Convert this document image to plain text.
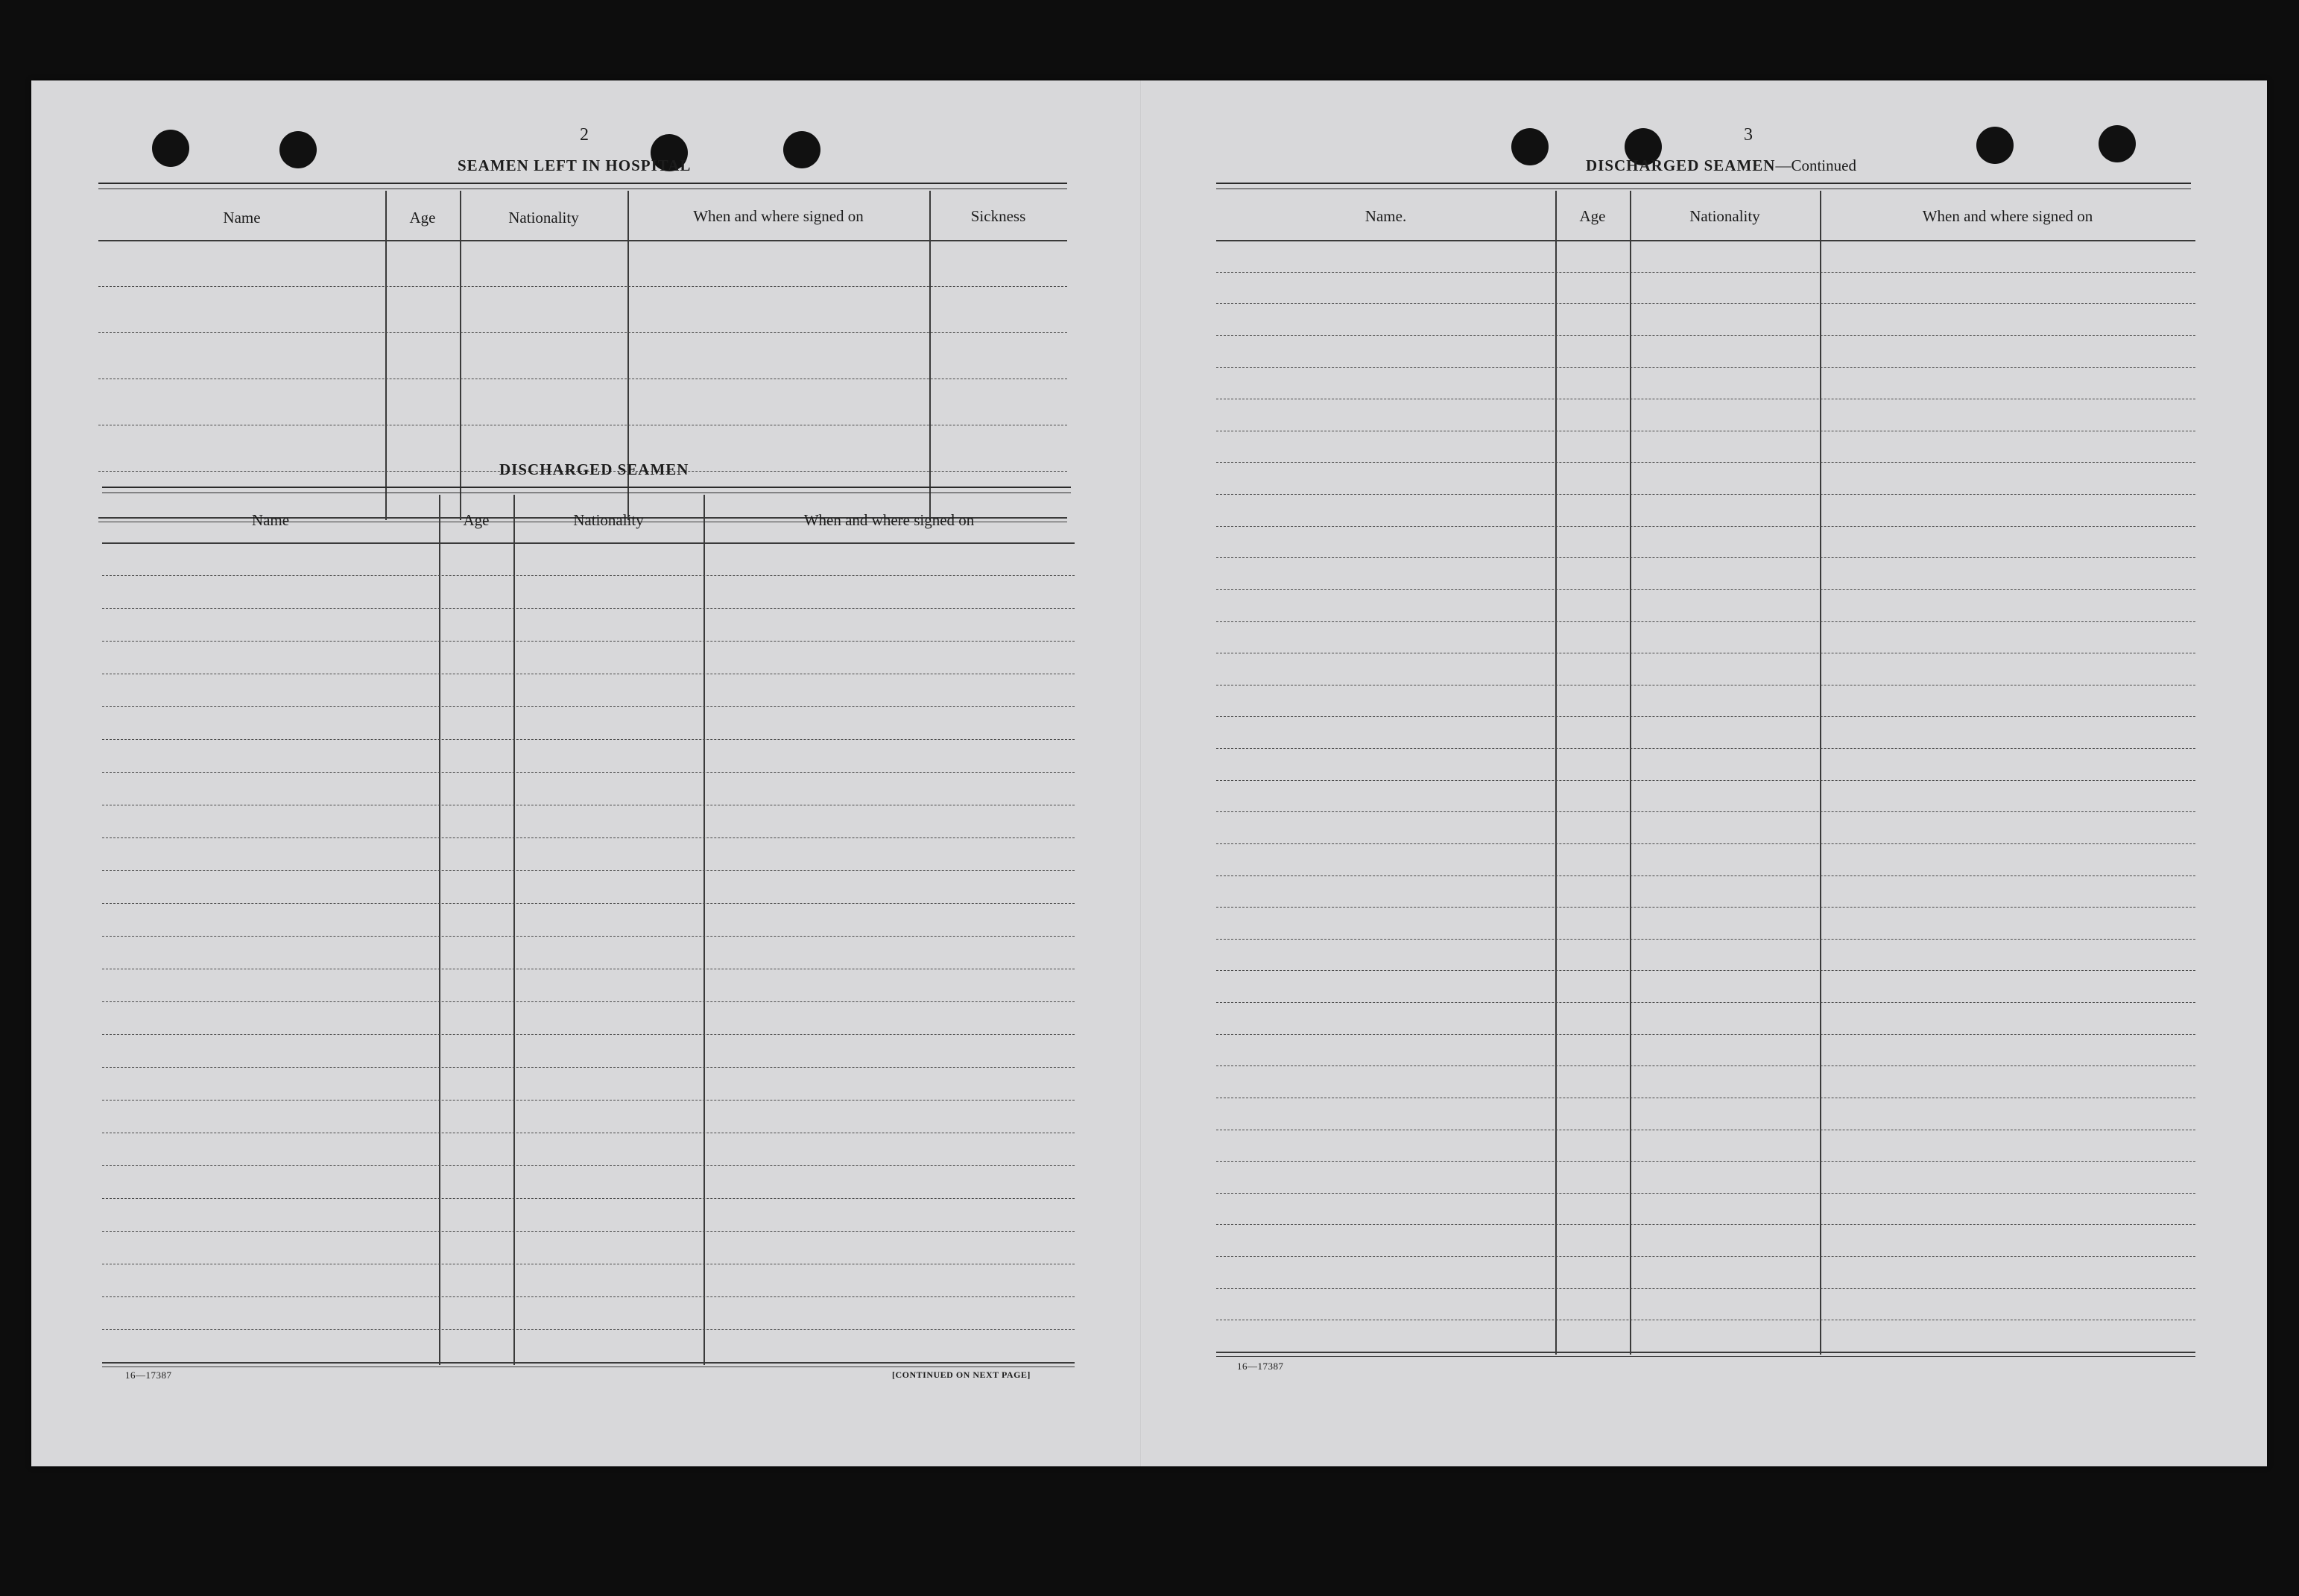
2
SEAMEN LEFT IN HOSPITAL
Name	Age	Nationality	When and where signed on	Sickness
DISCHARGED SEAMEN
Name	Age	Nationality	When and where signed on
16—17387	[CONTINUED ON NEXT PAGE]
3
DISCHARGED SEAMEN—Continued
Name.	Age	Nationality	When and where signed on
16—17387
